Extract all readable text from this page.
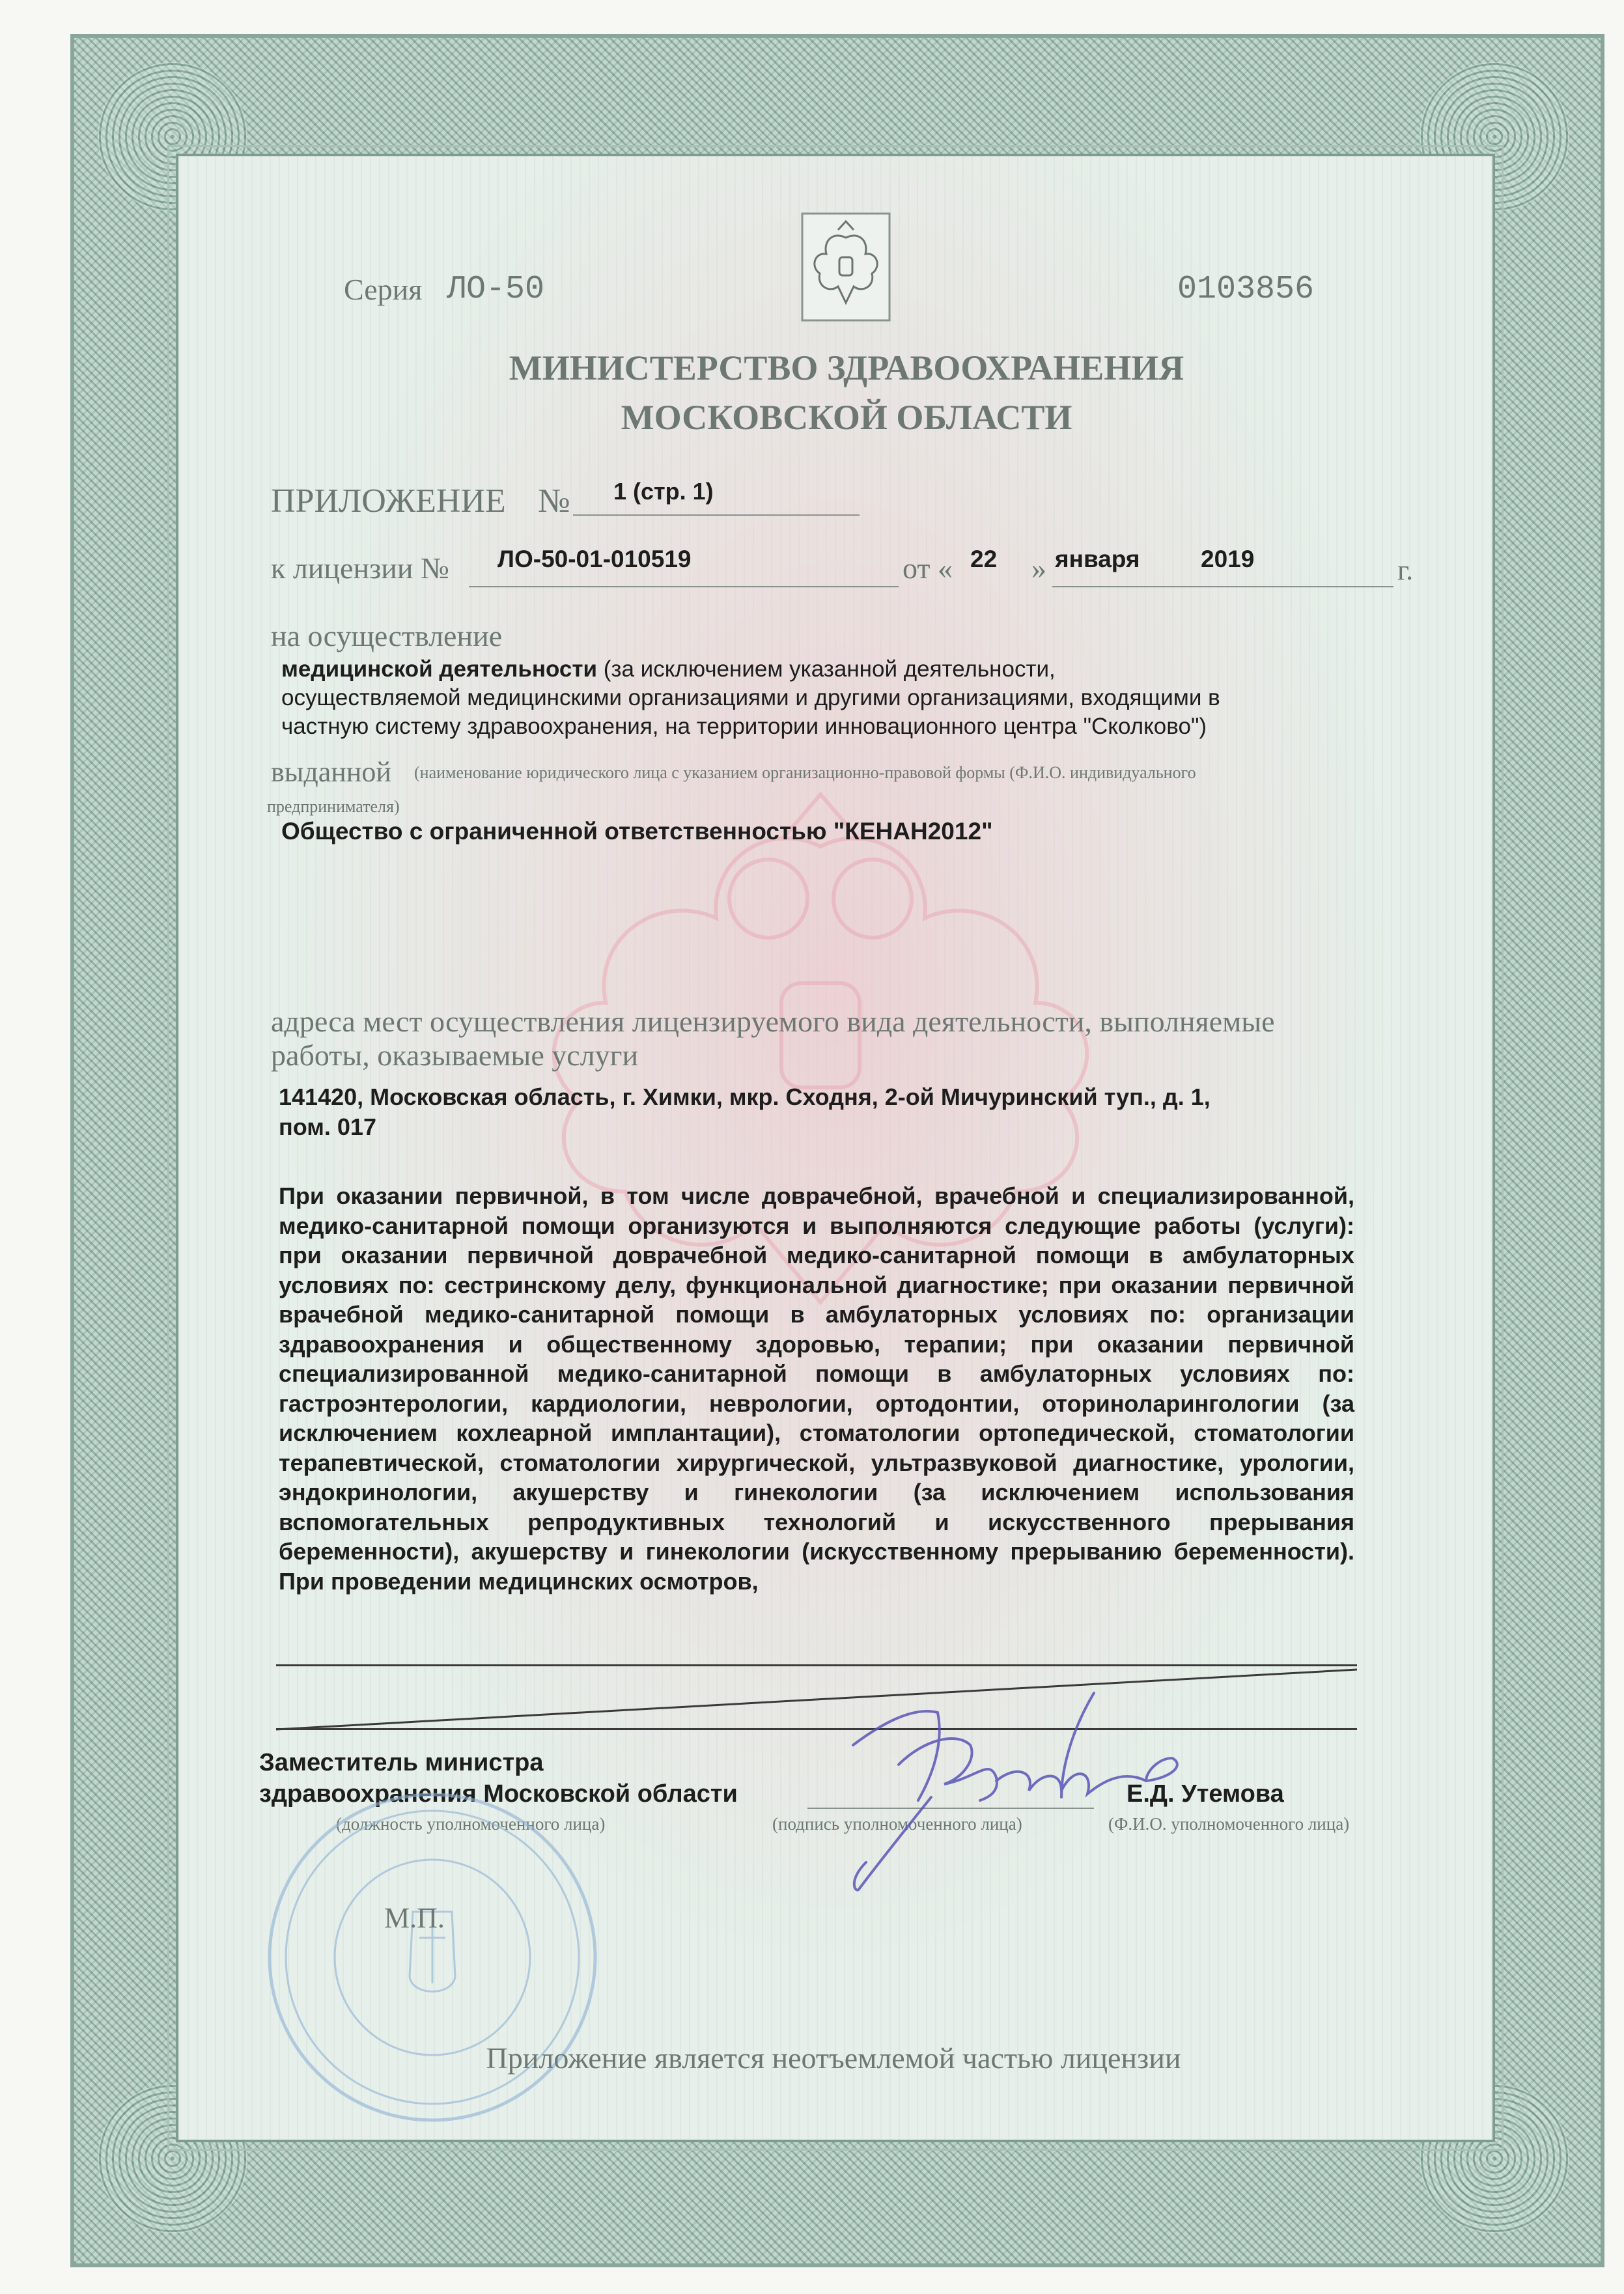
Серия ЛО-50	0103856
МИНИСТЕРСТВО ЗДРАВООХРАНЕНИЯ
МОСКОВСКОЙ ОБЛАСТИ
ПРИЛОЖЕНИЕ № 1 (стр. 1)
к лицензии № ЛО-50-01-010519	от « 22 » января	2019	г.
на осуществление
медицинской деятельности (за исключением указанной деятельности,
осуществляемой медицинскими организациями и другими организациями, входящими в
частную систему здравоохранения, на территории инновационного центра "Сколково")
выданной (наименование юридического лица с указанием организационно-правовой формы (Ф.И.О. индивидуального
предпринимателя)
Общество с ограниченной ответственностью "КЕНАН2012"
адреса мест осуществления лицензируемого вида деятельности, выполняемые
работы, оказываемые услуги
141420, Московская область, г. Химки, мкр. Сходня, 2-ой Мичуринский туп., д. 1,
пом. 017

При оказании первичной, в том числе доврачебной, врачебной и специализированной, медико-санитарной помощи организуются и выполняются следующие работы (услуги): при оказании первичной доврачебной медико-санитарной помощи в амбулаторных условиях по: сестринскому делу, функциональной диагностике; при оказании первичной врачебной медико-санитарной помощи в амбулаторных условиях по: организации здравоохранения и общественному здоровью, терапии; при оказании первичной специализированной медико-санитарной помощи в амбулаторных условиях по: гастроэнтерологии, кардиологии, неврологии, ортодонтии, оториноларингологии (за исключением кохлеарной имплантации), стоматологии ортопедической, стоматологии терапевтической, стоматологии хирургической, ультразвуковой диагностике, урологии, эндокринологии, акушерству и гинекологии (за исключением использования вспомогательных репродуктивных технологий и искусственного прерывания беременности), акушерству и гинекологии (искусственному прерыванию беременности). При проведении медицинских осмотров,

Заместитель министра
здравоохранения Московской области	Е.Д. Утемова
(должность уполномоченного лица)	(подпись уполномоченного лица)	(Ф.И.О. уполномоченного лица)
М.П.
Приложение является неотъемлемой частью лицензии
